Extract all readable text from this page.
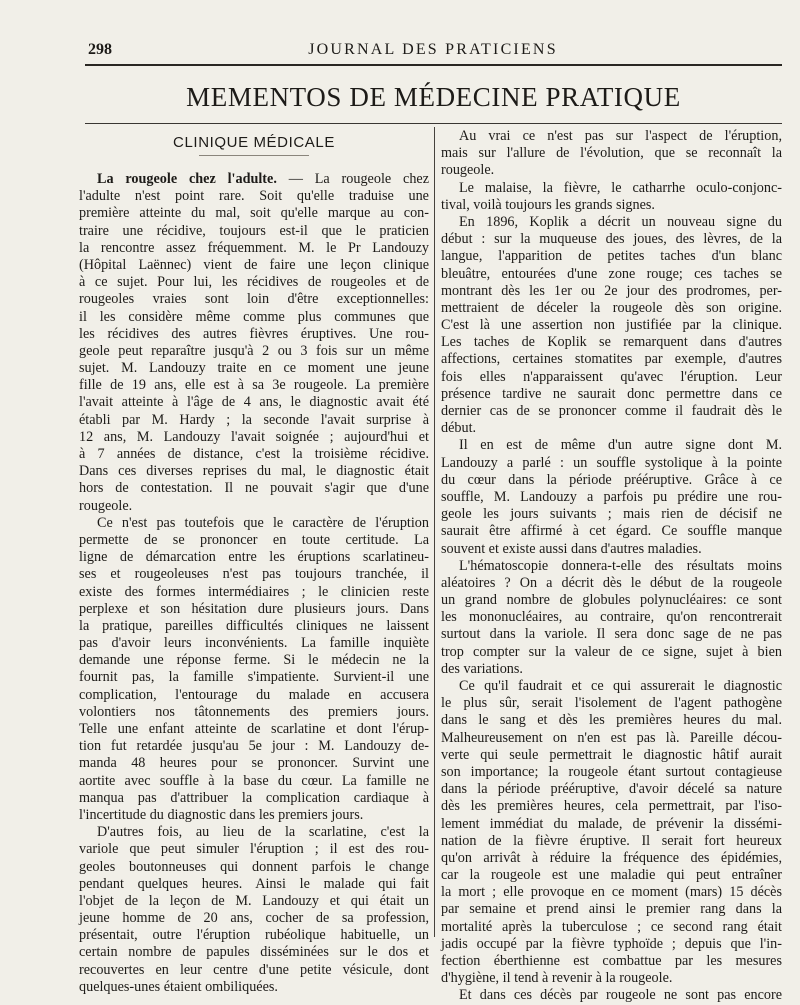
298	JOURNAL DES PRATICIENS
MEMENTOS DE MÉDECINE PRATIQUE
CLINIQUE MÉDICALE
La rougeole chez l'adulte. — La rougeole chez
l'adulte n'est point rare. Soit qu'elle traduise une
première atteinte du mal, soit qu'elle marque au con-
traire une récidive, toujours est-il que le praticien
la rencontre assez fréquemment. M. le Pr Landouzy
(Hôpital Laënnec) vient de faire une leçon clinique
à ce sujet. Pour lui, les récidives de rougeoles et de
rougeoles vraies sont loin d'être exceptionnelles:
il les considère même comme plus communes que
les récidives des autres fièvres éruptives. Une rou-
geole peut reparaître jusqu'à 2 ou 3 fois sur un même
sujet. M. Landouzy traite en ce moment une jeune
fille de 19 ans, elle est à sa 3e rougeole. La première
l'avait atteinte à l'âge de 4 ans, le diagnostic avait été
établi par M. Hardy ; la seconde l'avait surprise à
12 ans, M. Landouzy l'avait soignée ; aujourd'hui et
à 7 années de distance, c'est la troisième récidive.
Dans ces diverses reprises du mal, le diagnostic était
hors de contestation. Il ne pouvait s'agir que d'une
rougeole.
Ce n'est pas toutefois que le caractère de l'éruption
permette de se prononcer en toute certitude. La
ligne de démarcation entre les éruptions scarlatineu-
ses et rougeoleuses n'est pas toujours tranchée, il
existe des formes intermédiaires ; le clinicien reste
perplexe et son hésitation dure plusieurs jours. Dans
la pratique, pareilles difficultés cliniques ne laissent
pas d'avoir leurs inconvénients. La famille inquiète
demande une réponse ferme. Si le médecin ne la
fournit pas, la famille s'impatiente. Survient-il une
complication, l'entourage du malade en accusera
volontiers nos tâtonnements des premiers jours.
Telle une enfant atteinte de scarlatine et dont l'érup-
tion fut retardée jusqu'au 5e jour : M. Landouzy de-
manda 48 heures pour se prononcer. Survint une
aortite avec souffle à la base du cœur. La famille ne
manqua pas d'attribuer la complication cardiaque à
l'incertitude du diagnostic dans les premiers jours.
D'autres fois, au lieu de la scarlatine, c'est la
variole que peut simuler l'éruption ; il est des rou-
geoles boutonneuses qui donnent parfois le change
pendant quelques heures. Ainsi le malade qui fait
l'objet de la leçon de M. Landouzy et qui était un
jeune homme de 20 ans, cocher de sa profession,
présentait, outre l'éruption rubéolique habituelle, un
certain nombre de papules disséminées sur le dos et
recouvertes en leur centre d'une petite vésicule, dont
quelques-unes étaient ombiliquées.
Au vrai ce n'est pas sur l'aspect de l'éruption,
mais sur l'allure de l'évolution, que se reconnaît la
rougeole.
Le malaise, la fièvre, le catharrhe oculo-conjonc-
tival, voilà toujours les grands signes.
En 1896, Koplik a décrit un nouveau signe du
début : sur la muqueuse des joues, des lèvres, de la
langue, l'apparition de petites taches d'un blanc
bleuâtre, entourées d'une zone rouge; ces taches se
montrant dès les 1er ou 2e jour des prodromes, per-
mettraient de déceler la rougeole dès son origine.
C'est là une assertion non justifiée par la clinique.
Les taches de Koplik se remarquent dans d'autres
affections, certaines stomatites par exemple, d'autres
fois elles n'apparaissent qu'avec l'éruption. Leur
présence tardive ne saurait donc permettre dans ce
dernier cas de se prononcer comme il faudrait dès le
début.
Il en est de même d'un autre signe dont M.
Landouzy a parlé : un souffle systolique à la pointe
du cœur dans la période prééruptive. Grâce à ce
souffle, M. Landouzy a parfois pu prédire une rou-
geole les jours suivants ; mais rien de décisif ne
saurait être affirmé à cet égard. Ce souffle manque
souvent et existe aussi dans d'autres maladies.
L'hématoscopie donnera-t-elle des résultats moins
aléatoires ? On a décrit dès le début de la rougeole
un grand nombre de globules polynucléaires: ce sont
les mononucléaires, au contraire, qu'on rencontrerait
surtout dans la variole. Il sera donc sage de ne pas
trop compter sur la valeur de ce signe, sujet à bien
des variations.
Ce qu'il faudrait et ce qui assurerait le diagnostic
le plus sûr, serait l'isolement de l'agent pathogène
dans le sang et dès les premières heures du mal.
Malheureusement on n'en est pas là. Pareille décou-
verte qui seule permettrait le diagnostic hâtif aurait
son importance; la rougeole étant surtout contagieuse
dans la période prééruptive, d'avoir décelé sa nature
dès les premières heures, cela permettrait, par l'iso-
lement immédiat du malade, de prévenir la dissémi-
nation de la fièvre éruptive. Il serait fort heureux
qu'on arrivât à réduire la fréquence des épidémies,
car la rougeole est une maladie qui peut entraîner
la mort ; elle provoque en ce moment (mars) 15 décès
par semaine et prend ainsi le premier rang dans la
mortalité après la tuberculose ; ce second rang était
jadis occupé par la fièvre typhoïde ; depuis que l'in-
fection éberthienne est combattue par les mesures
d'hygiène, il tend à revenir à la rougeole.
Et dans ces décès par rougeole ne sont pas encore
